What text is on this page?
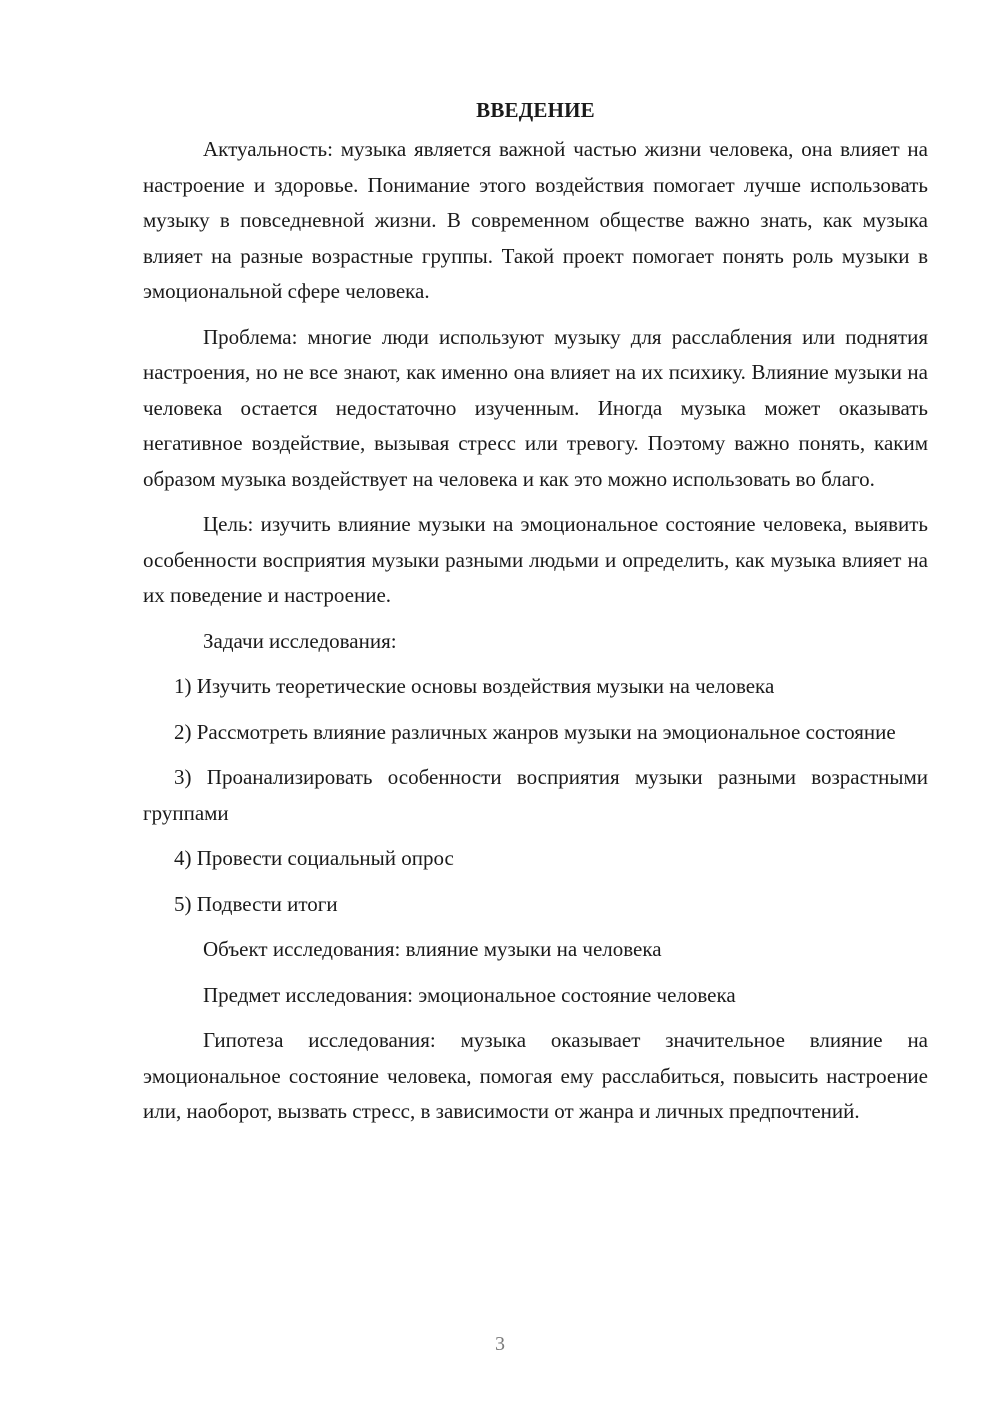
ВВЕДЕНИЕ

Актуальность: музыка является важной частью жизни человека, она влияет на настроение и здоровье. Понимание этого воздействия помогает лучше использовать музыку в повседневной жизни. В современном обществе важно знать, как музыка влияет на разные возрастные группы. Такой проект помогает понять роль музыки в эмоциональной сфере человека.

Проблема: многие люди используют музыку для расслабления или поднятия настроения, но не все знают, как именно она влияет на их психику. Влияние музыки на человека остается недостаточно изученным. Иногда музыка может оказывать негативное воздействие, вызывая стресс или тревогу. Поэтому важно понять, каким образом музыка воздействует на человека и как это можно использовать во благо.

Цель: изучить влияние музыки на эмоциональное состояние человека, выявить особенности восприятия музыки разными людьми и определить, как музыка влияет на их поведение и настроение.

Задачи исследования:

1) Изучить теоретические основы воздействия музыки на человека

2) Рассмотреть влияние различных жанров музыки на эмоциональное состояние

3) Проанализировать особенности восприятия музыки разными возрастными группами

4) Провести социальный опрос

5) Подвести итоги

Объект исследования: влияние музыки на человека

Предмет исследования: эмоциональное состояние человека

Гипотеза исследования: музыка оказывает значительное влияние на эмоциональное состояние человека, помогая ему расслабиться, повысить настроение или, наоборот, вызвать стресс, в зависимости от жанра и личных предпочтений.

3
